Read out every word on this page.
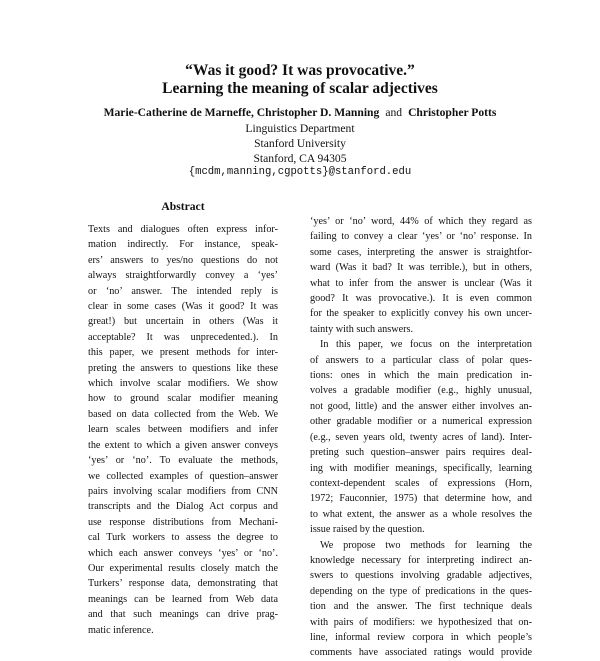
“Was it good? It was provocative.”
Learning the meaning of scalar adjectives
Marie-Catherine de Marneffe, Christopher D. Manning and Christopher Potts
Linguistics Department
Stanford University
Stanford, CA 94305
{mcdm,manning,cgpotts}@stanford.edu
Abstract
Texts and dialogues often express infor-
mation indirectly. For instance, speak-
ers’ answers to yes/no questions do not
always straightforwardly convey a ‘yes’
or ‘no’ answer. The intended reply is
clear in some cases (Was it good? It was
great!) but uncertain in others (Was it
acceptable? It was unprecedented.). In
this paper, we present methods for inter-
preting the answers to questions like these
which involve scalar modifiers. We show
how to ground scalar modifier meaning
based on data collected from the Web. We
learn scales between modifiers and infer
the extent to which a given answer conveys
‘yes’ or ‘no’. To evaluate the methods,
we collected examples of question–answer
pairs involving scalar modifiers from CNN
transcripts and the Dialog Act corpus and
use response distributions from Mechani-
cal Turk workers to assess the degree to
which each answer conveys ‘yes’ or ‘no’.
Our experimental results closely match the
Turkers’ response data, demonstrating that
meanings can be learned from Web data
and that such meanings can drive prag-
matic inference.
‘yes’ or ‘no’ word, 44% of which they regard as
failing to convey a clear ‘yes’ or ‘no’ response. In
some cases, interpreting the answer is straightfor-
ward (Was it bad? It was terrible.), but in others,
what to infer from the answer is unclear (Was it
good? It was provocative.). It is even common
for the speaker to explicitly convey his own uncer-
tainty with such answers.
In this paper, we focus on the interpretation
of answers to a particular class of polar ques-
tions: ones in which the main predication in-
volves a gradable modifier (e.g., highly unusual,
not good, little) and the answer either involves an-
other gradable modifier or a numerical expression
(e.g., seven years old, twenty acres of land). Inter-
preting such question–answer pairs requires deal-
ing with modifier meanings, specifically, learning
context-dependent scales of expressions (Horn,
1972; Fauconnier, 1975) that determine how, and
to what extent, the answer as a whole resolves the
issue raised by the question.
We propose two methods for learning the
knowledge necessary for interpreting indirect an-
swers to questions involving gradable adjectives,
depending on the type of predications in the ques-
tion and the answer. The first technique deals
with pairs of modifiers: we hypothesized that on-
line, informal review corpora in which people’s
comments have associated ratings would provide
